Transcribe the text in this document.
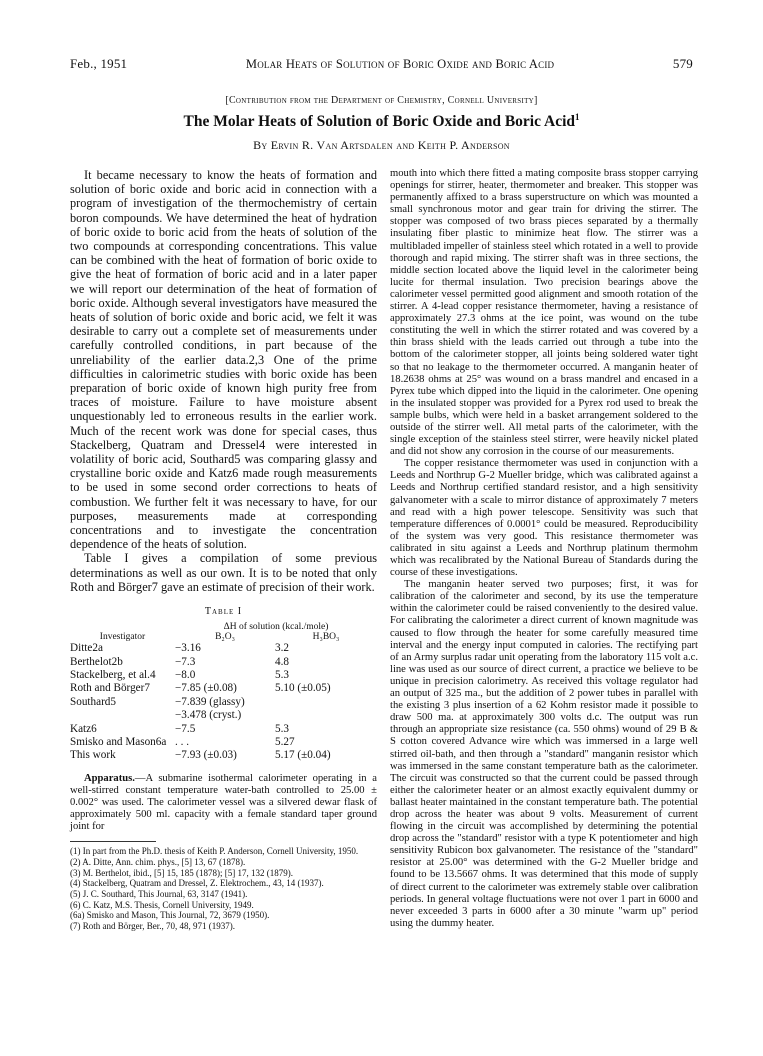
Feb., 1951	Molar Heats of Solution of Boric Oxide and Boric Acid	579
[Contribution from the Department of Chemistry, Cornell University]
The Molar Heats of Solution of Boric Oxide and Boric Acid$^1$
By Ervin R. Van Artsdalen and Keith P. Anderson

It became necessary to know the heats of formation and solution of boric oxide and boric acid in connection with a program of investigation of the thermochemistry of certain boron compounds. We have determined the heat of hydration of boric oxide to boric acid from the heats of solution of the two compounds at corresponding concentrations. This value can be combined with the heat of formation of boric oxide to give the heat of formation of boric acid and in a later paper we will report our determination of the heat of formation of boric oxide. Although several investigators have measured the heats of solution of boric oxide and boric acid, we felt it was desirable to carry out a complete set of measurements under carefully controlled conditions, in part because of the unreliability of the earlier data.2,3 One of the prime difficulties in calorimetric studies with boric oxide has been preparation of boric oxide of known high purity free from traces of moisture. Failure to have moisture absent unquestionably led to erroneous results in the earlier work. Much of the recent work was done for special cases, thus Stackelberg, Quatram and Dressel4 were interested in volatility of boric acid, Southard5 was comparing glassy and crystalline boric oxide and Katz6 made rough measurements to be used in some second order corrections to heats of combustion. We further felt it was necessary to have, for our purposes, measurements made at corresponding concentrations and to investigate the concentration dependence of the heats of solution.

Table I gives a compilation of some previous determinations as well as our own. It is to be noted that only Roth and Börger7 gave an estimate of precision of their work.

Table I
	ΔH of solution (kcal./mole)	
Investigator	B₂O₃	H₃BO₃
Ditte2a	−3.16	3.2
Berthelot2b	−7.3	4.8
Stackelberg, et al.4	−8.0	5.3
Roth and Börger7	−7.85 (±0.08)	5.10 (±0.05)
Southard5	−7.839 (glassy)	
	−3.478 (cryst.)	
Katz6	−7.5	5.3
Smisko and Mason6a	. . .	5.27
This work	−7.93 (±0.03)	5.17 (±0.04)

Apparatus.—A submarine isothermal calorimeter operating in a well-stirred constant temperature water-bath controlled to 25.00 ± 0.002° was used. The calorimeter vessel was a silvered dewar flask of approximately 500 ml. capacity with a female standard taper ground joint for

(1) In part from the Ph.D. thesis of Keith P. Anderson, Cornell University, 1950.

(2) A. Ditte, Ann. chim. phys., [5] 13, 67 (1878).

(3) M. Berthelot, ibid., [5] 15, 185 (1878); [5] 17, 132 (1879).

(4) Stackelberg, Quatram and Dressel, Z. Elektrochem., 43, 14 (1937).

(5) J. C. Southard, This Journal, 63, 3147 (1941).

(6) C. Katz, M.S. Thesis, Cornell University, 1949.

(6a) Smisko and Mason, This Journal, 72, 3679 (1950).

(7) Roth and Börger, Ber., 70, 48, 971 (1937).

mouth into which there fitted a mating composite brass stopper carrying openings for stirrer, heater, thermometer and breaker. This stopper was permanently affixed to a brass superstructure on which was mounted a small synchronous motor and gear train for driving the stirrer. The stopper was composed of two brass pieces separated by a thermally insulating fiber plastic to minimize heat flow. The stirrer was a multibladed impeller of stainless steel which rotated in a well to provide thorough and rapid mixing. The stirrer shaft was in three sections, the middle section located above the liquid level in the calorimeter being lucite for thermal insulation. Two precision bearings above the calorimeter vessel permitted good alignment and smooth rotation of the stirrer. A 4-lead copper resistance thermometer, having a resistance of approximately 27.3 ohms at the ice point, was wound on the tube constituting the well in which the stirrer rotated and was covered by a thin brass shield with the leads carried out through a tube into the bottom of the calorimeter stopper, all joints being soldered water tight so that no leakage to the thermometer occurred. A manganin heater of 18.2638 ohms at 25° was wound on a brass mandrel and encased in a Pyrex tube which dipped into the liquid in the calorimeter. One opening in the insulated stopper was provided for a Pyrex rod used to break the sample bulbs, which were held in a basket arrangement soldered to the outside of the stirrer well. All metal parts of the calorimeter, with the single exception of the stainless steel stirrer, were heavily nickel plated and did not show any corrosion in the course of our measurements.

The copper resistance thermometer was used in conjunction with a Leeds and Northrup G-2 Mueller bridge, which was calibrated against a Leeds and Northrup certified standard resistor, and a high sensitivity galvanometer with a scale to mirror distance of approximately 7 meters and read with a high power telescope. Sensitivity was such that temperature differences of 0.0001° could be measured. Reproducibility of the system was very good. This resistance thermometer was calibrated in situ against a Leeds and Northrup platinum thermohm which was recalibrated by the National Bureau of Standards during the course of these investigations.

The manganin heater served two purposes; first, it was for calibration of the calorimeter and second, by its use the temperature within the calorimeter could be raised conveniently to the desired value. For calibrating the calorimeter a direct current of known magnitude was caused to flow through the heater for some carefully measured time interval and the energy input computed in calories. The rectifying part of an Army surplus radar unit operating from the laboratory 115 volt a.c. line was used as our source of direct current, a practice we believe to be unique in precision calorimetry. As received this voltage regulator had an output of 325 ma., but the addition of 2 power tubes in parallel with the existing 3 plus insertion of a 62 Kohm resistor made it possible to draw 500 ma. at approximately 300 volts d.c. The output was run through an appropriate size resistance (ca. 550 ohms) wound of 29 B & S cotton covered Advance wire which was immersed in a large well stirred oil-bath, and then through a "standard" manganin resistor which was immersed in the same constant temperature bath as the calorimeter. The circuit was constructed so that the current could be passed through either the calorimeter heater or an almost exactly equivalent dummy or ballast heater maintained in the constant temperature bath. The potential drop across the heater was about 9 volts. Measurement of current flowing in the circuit was accomplished by determining the potential drop across the "standard" resistor with a type K potentiometer and high sensitivity Rubicon box galvanometer. The resistance of the "standard" resistor at 25.00° was determined with the G-2 Mueller bridge and found to be 13.5667 ohms. It was determined that this mode of supply of direct current to the calorimeter was extremely stable over calibration periods. In general voltage fluctuations were not over 1 part in 6000 and never exceeded 3 parts in 6000 after a 30 minute "warm up" period using the dummy heater.
